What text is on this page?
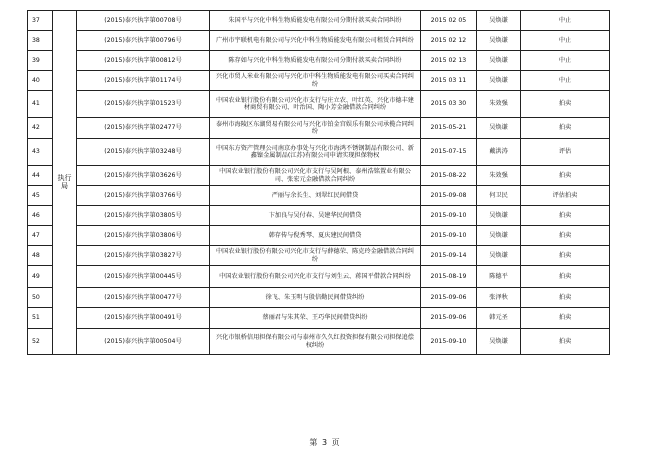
37	执行局	(2015)泰兴执字第00708号	朱国平与兴化中科生物质能发电有限公司分期付款买卖合同纠纷	2015 02 05	吴焕谦	中止
38		(2015)泰兴执字第00796号	广州市宇联机电有限公司与兴化中科生物质能发电有限公司租赁合同纠纷	2015 02 12	吴焕谦	中止
39		(2015)泰兴执字第00812号	陈存如与兴化中科生物质能发电有限公司分期付款买卖合同纠纷	2015 02 13	吴焕谦	中止
40		(2015)泰兴执字第01174号	兴化市贸人米业有限公司与兴化市中科生物质能发电有限公司买卖合同纠纷	2015 03 11	吴焕谦	中止
41		(2015)泰兴执字第01523号	中国农业银行股份有限公司兴化市支行与庄立农、叶红英、兴化市德丰建材商贸有限公司、叶治国、陶小芳金融借款合同纠纷	2015 03 30	朱效强	拍卖
42		(2015)泰兴执字第02477号	泰州市海陵区东湖贸易有限公司与兴化市铂金宫娱乐有限公司承揽合同纠纷	2015-05-21	吴焕谦	拍卖
43		(2015)泰兴执字第03248号	中国东方资产管理公司南京办事处与兴化市海鸿不锈钢制品有限公司、新鑫镍金属制品(江苏)有限公司申请实现担保物权	2015-07-15	戴洪涛	评估
44		(2015)泰兴执字第03626号	中国农业银行股份有限公司兴化市支行与吴阿根、泰州浩铭置业有限公司、张宏元金融借款合同纠纷	2015-08-22	朱效强	拍卖
45		(2015)泰兴执字第03766号	严丽与余长生、刘翠红民间借贷	2015-09-08	何卫民	评估拍卖
46		(2015)泰兴执字第03805号	卞加良与吴付春、吴建华民间借贷	2015-09-10	吴焕谦	拍卖
47		(2015)泰兴执字第03806号	韩存传与倪秀琴、夏庆建民间借贷	2015-09-10	吴焕谦	拍卖
48		(2015)泰兴执字第03827号	中国农业银行股份有限公司兴化市支行与薛德荣、陈克玲金融借款合同纠纷	2015-09-14	吴焕谦	拍卖
49		(2015)泰兴执字第00445号	中国农业银行股份有限公司兴化市支行与刘生云、蒋国平借款合同纠纷	2015-08-19	陈德平	拍卖
50		(2015)泰兴执字第00477号	徐飞、朱玉明与殷信勤民间借贷纠纷	2015-09-06	张泽秋	拍卖
51		(2015)泰兴执字第00491号	蔡丽君与朱其荣、王巧华民间借贷纠纷	2015-09-06	韩元圣	拍卖
52		(2015)泰兴执字第00504号	兴化市银桥信用担保有限公司与泰州市久久红投资担保有限公司担保追偿权纠纷	2015-09-10	吴焕谦	拍卖
第 3 页
